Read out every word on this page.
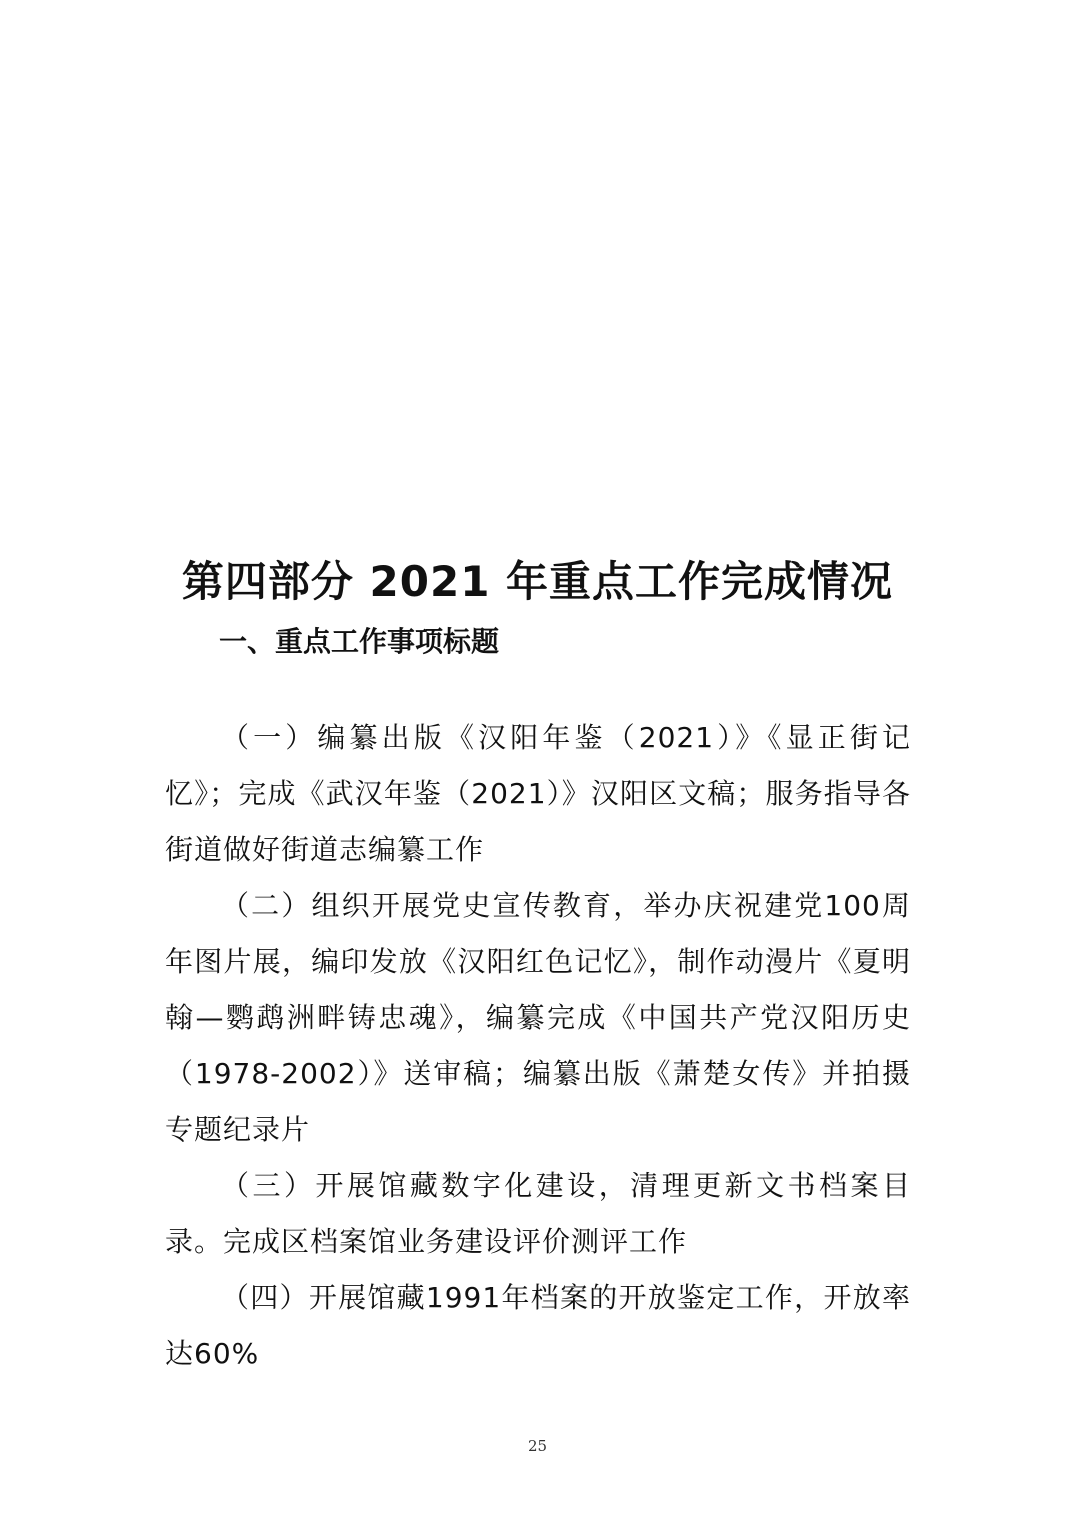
第四部分 2021 年重点工作完成情况
一、重点工作事项标题

（一）编纂出版《汉阳年鉴（2021）》《显正街记忆》；完成《武汉年鉴（2021）》汉阳区文稿；服务指导各街道做好街道志编纂工作

（二）组织开展党史宣传教育，举办庆祝建党100周年图片展，编印发放《汉阳红色记忆》，制作动漫片《夏明翰—鹦鹉洲畔铸忠魂》，编纂完成《中国共产党汉阳历史（1978-2002）》送审稿；编纂出版《萧楚女传》并拍摄专题纪录片

（三）开展馆藏数字化建设，清理更新文书档案目录。完成区档案馆业务建设评价测评工作

（四）开展馆藏1991年档案的开放鉴定工作，开放率达60%

25
